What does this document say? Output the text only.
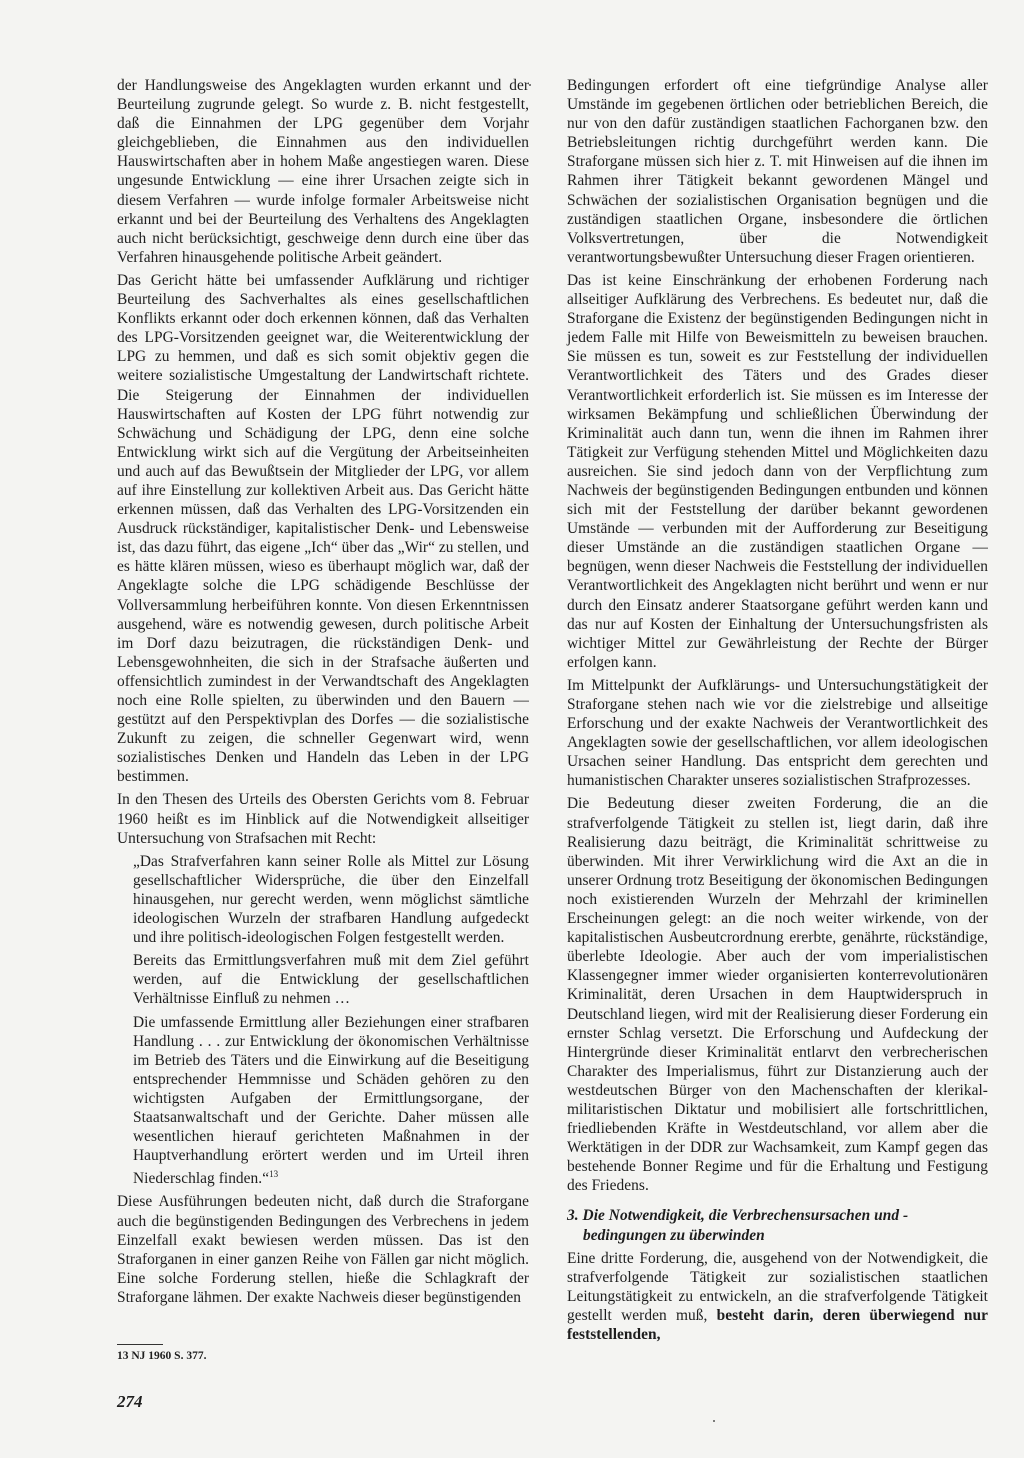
der Handlungsweise des Angeklagten wurden erkannt und der Beurteilung zugrunde gelegt. So wurde z. B. nicht festgestellt, daß die Einnahmen der LPG gegenüber dem Vorjahr gleichgeblieben, die Einnahmen aus den individuellen Hauswirtschaften aber in hohem Maße angestiegen waren. Diese ungesunde Entwicklung — eine ihrer Ursachen zeigte sich in diesem Verfahren — wurde infolge formaler Arbeitsweise nicht erkannt und bei der Beurteilung des Verhaltens des Angeklagten auch nicht berücksichtigt, geschweige denn durch eine über das Verfahren hinausgehende politische Arbeit geändert.

Das Gericht hätte bei umfassender Aufklärung und richtiger Beurteilung des Sachverhaltes als eines gesellschaftlichen Konflikts erkannt oder doch erkennen können, daß das Verhalten des LPG-Vorsitzenden geeignet war, die Weiterentwicklung der LPG zu hemmen, und daß es sich somit objektiv gegen die weitere sozialistische Umgestaltung der Landwirtschaft richtete. Die Steigerung der Einnahmen der individuellen Hauswirtschaften auf Kosten der LPG führt notwendig zur Schwächung und Schädigung der LPG, denn eine solche Entwicklung wirkt sich auf die Vergütung der Arbeitseinheiten und auch auf das Bewußtsein der Mitglieder der LPG, vor allem auf ihre Einstellung zur kollektiven Arbeit aus. Das Gericht hätte erkennen müssen, daß das Verhalten des LPG-Vorsitzenden ein Ausdruck rückständiger, kapitalistischer Denk- und Lebensweise ist, das dazu führt, das eigene „Ich“ über das „Wir“ zu stellen, und es hätte klären müssen, wieso es überhaupt möglich war, daß der Angeklagte solche die LPG schädigende Beschlüsse der Vollversammlung herbeiführen konnte. Von diesen Erkenntnissen ausgehend, wäre es notwendig gewesen, durch politische Arbeit im Dorf dazu beizutragen, die rückständigen Denk- und Lebensgewohnheiten, die sich in der Strafsache äußerten und offensichtlich zumindest in der Verwandtschaft des Angeklagten noch eine Rolle spielten, zu überwinden und den Bauern — gestützt auf den Perspektivplan des Dorfes — die sozialistische Zukunft zu zeigen, die schneller Gegenwart wird, wenn sozialistisches Denken und Handeln das Leben in der LPG bestimmen.

In den Thesen des Urteils des Obersten Gerichts vom 8. Februar 1960 heißt es im Hinblick auf die Notwendigkeit allseitiger Untersuchung von Strafsachen mit Recht:

„Das Strafverfahren kann seiner Rolle als Mittel zur Lösung gesellschaftlicher Widersprüche, die über den Einzelfall hinausgehen, nur gerecht werden, wenn möglichst sämtliche ideologischen Wurzeln der strafbaren Handlung aufgedeckt und ihre politisch-ideologischen Folgen festgestellt werden.

Bereits das Ermittlungsverfahren muß mit dem Ziel geführt werden, auf die Entwicklung der gesellschaftlichen Verhältnisse Einfluß zu nehmen …

Die umfassende Ermittlung aller Beziehungen einer strafbaren Handlung . . . zur Entwicklung der ökonomischen Verhältnisse im Betrieb des Täters und die Einwirkung auf die Beseitigung entsprechender Hemmnisse und Schäden gehören zu den wichtigsten Aufgaben der Ermittlungsorgane, der Staatsanwaltschaft und der Gerichte. Daher müssen alle wesentlichen hierauf gerichteten Maßnahmen in der Hauptverhandlung erörtert werden und im Urteil ihren Niederschlag finden.“$^{13}$

Diese Ausführungen bedeuten nicht, daß durch die Straforgane auch die begünstigenden Bedingungen des Verbrechens in jedem Einzelfall exakt bewiesen werden müssen. Das ist den Straforganen in einer ganzen Reihe von Fällen gar nicht möglich. Eine solche Forderung stellen, hieße die Schlagkraft der Straforgane lähmen. Der exakte Nachweis dieser begünstigenden

Bedingungen erfordert oft eine tiefgründige Analyse aller Umstände im gegebenen örtlichen oder betrieblichen Bereich, die nur von den dafür zuständigen staatlichen Fachorganen bzw. den Betriebsleitungen richtig durchgeführt werden kann. Die Straforgane müssen sich hier z. T. mit Hinweisen auf die ihnen im Rahmen ihrer Tätigkeit bekannt gewordenen Mängel und Schwächen der sozialistischen Organisation begnügen und die zuständigen staatlichen Organe, insbesondere die örtlichen Volksvertretungen, über die Notwendigkeit verantwortungsbewußter Untersuchung dieser Fragen orientieren.

Das ist keine Einschränkung der erhobenen Forderung nach allseitiger Aufklärung des Verbrechens. Es bedeutet nur, daß die Straforgane die Existenz der begünstigenden Bedingungen nicht in jedem Falle mit Hilfe von Beweismitteln zu beweisen brauchen. Sie müssen es tun, soweit es zur Feststellung der individuellen Verantwortlichkeit des Täters und des Grades dieser Verantwortlichkeit erforderlich ist. Sie müssen es im Interesse der wirksamen Bekämpfung und schließlichen Überwindung der Kriminalität auch dann tun, wenn die ihnen im Rahmen ihrer Tätigkeit zur Verfügung stehenden Mittel und Möglichkeiten dazu ausreichen. Sie sind jedoch dann von der Verpflichtung zum Nachweis der begünstigenden Bedingungen entbunden und können sich mit der Feststellung der darüber bekannt gewordenen Umstände — verbunden mit der Aufforderung zur Beseitigung dieser Umstände an die zuständigen staatlichen Organe — begnügen, wenn dieser Nachweis die Feststellung der individuellen Verantwortlichkeit des Angeklagten nicht berührt und wenn er nur durch den Einsatz anderer Staatsorgane geführt werden kann und das nur auf Kosten der Einhaltung der Untersuchungsfristen als wichtiger Mittel zur Gewährleistung der Rechte der Bürger erfolgen kann.

Im Mittelpunkt der Aufklärungs- und Untersuchungstätigkeit der Straforgane stehen nach wie vor die zielstrebige und allseitige Erforschung und der exakte Nachweis der Verantwortlichkeit des Angeklagten sowie der gesellschaftlichen, vor allem ideologischen Ursachen seiner Handlung. Das entspricht dem gerechten und humanistischen Charakter unseres sozialistischen Strafprozesses.

Die Bedeutung dieser zweiten Forderung, die an die strafverfolgende Tätigkeit zu stellen ist, liegt darin, daß ihre Realisierung dazu beiträgt, die Kriminalität schrittweise zu überwinden. Mit ihrer Verwirklichung wird die Axt an die in unserer Ordnung trotz Beseitigung der ökonomischen Bedingungen noch existierenden Wurzeln der Mehrzahl der kriminellen Erscheinungen gelegt: an die noch weiter wirkende, von der kapitalistischen Ausbeutcrordnung ererbte, genährte, rückständige, überlebte Ideologie. Aber auch der vom imperialistischen Klassengegner immer wieder organisierten konterrevolutionären Kriminalität, deren Ursachen in dem Hauptwiderspruch in Deutschland liegen, wird mit der Realisierung dieser Forderung ein ernster Schlag versetzt. Die Erforschung und Aufdeckung der Hintergründe dieser Kriminalität entlarvt den verbrecherischen Charakter des Imperialismus, führt zur Distanzierung auch der westdeutschen Bürger von den Machenschaften der klerikal-militaristischen Diktatur und mobilisiert alle fortschrittlichen, friedliebenden Kräfte in Westdeutschland, vor allem aber die Werktätigen in der DDR zur Wachsamkeit, zum Kampf gegen das bestehende Bonner Regime und für die Erhaltung und Festigung des Friedens.

3. Die Notwendigkeit, die Verbrechensursachen und -bedingungen zu überwinden

Eine dritte Forderung, die, ausgehend von der Notwendigkeit, die strafverfolgende Tätigkeit zur sozialistischen staatlichen Leitungstätigkeit zu entwickeln, an die strafverfolgende Tätigkeit gestellt werden muß, besteht darin, deren überwiegend nur feststellenden,

13 NJ 1960 S. 377.
274
